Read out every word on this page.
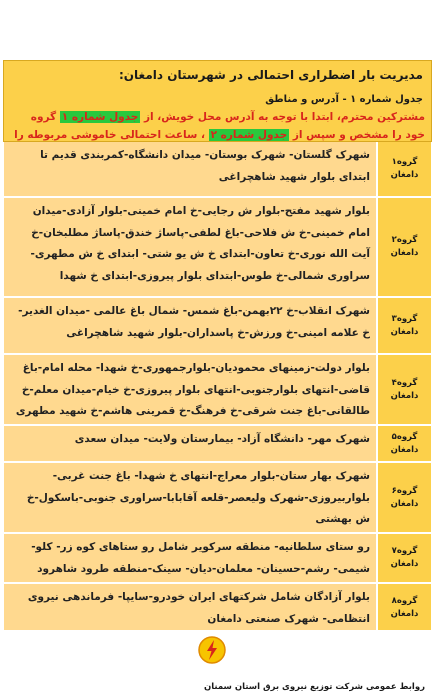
مدیریت بار اضطراری احتمالی در شهرستان دامغان:
جدول شماره ۱ - آدرس و مناطق
مشترکین محترم، ابتدا با توجه به آدرس محل خویش، از جدول شماره ۱ گروه خود را مشخص و سپس از جدول شماره ۲ ، ساعت احتمالی خاموشی مربوطه را
گروه۱
دامغان
شهرک گلستان- شهرک بوستان- میدان دانشگاه-کمربندی قدیم تا ابتدای بلوار شهید شاهچراغی
گروه۲
دامغان
بلوار شهید مفتح-بلوار ش رجایی-خ امام خمینی-بلوار آزادی-میدان امام خمینی-خ ش فلاحی-باغ لطفی-پاساژ خندق-پاساژ مطلبخان-خ آیت الله نوری-خ تعاون-ابتدای خ ش یو شتی- ابتدای خ ش مطهری- سراوری شمالی-خ طوس-ابتدای بلوار پیروزی-ابتدای خ شهدا
گروه۳
دامغان
شهرک انقلاب-خ ۲۲بهمن-باغ شمس- شمال باغ عالمی -میدان الغدیر-خ علامه امینی-خ ورزش-خ پاسداران-بلوار شهید شاهچراغی
گروه۴
دامغان
بلوار دولت-زمینهای محمودیان-بلوارجمهوری-خ شهدا- محله امام-باغ قاضی-انتهای بلوارجنوبی-انتهای بلوار پیروزی-خ خیام-میدان معلم-خ طالقانی-باغ جنت شرقی-خ فرهنگ-خ قمرینی هاشم-خ شهید مطهری
گروه۵
دامغان
شهرک مهر- دانشگاه آزاد- بیمارستان ولایت- میدان سعدی
گروه۶
دامغان
شهرک بهار ستان-بلوار معراج-انتهای خ شهدا- باغ جنت غربی-بلواربیروزی-شهرک ولیعصر-قلعه آقابابا-سراوری جنوبی-باسکول-خ ش بهشتی
گروه۷
دامغان
رو ستای سلطانیه- منطقه سرکویر شامل رو ستاهای کوه زر- کلو- شیمی- رشم-حسینان- معلمان-دیان- سینک-منطقه طرود شاهرود
گروه۸
دامغان
بلوار آزادگان شامل شرکتهای ایران خودرو-سایپا- فرماندهی نیروی انتظامی- شهرک صنعتی دامغان
روابط عمومی شرکت توزیع نیروی برق استان سمنان
